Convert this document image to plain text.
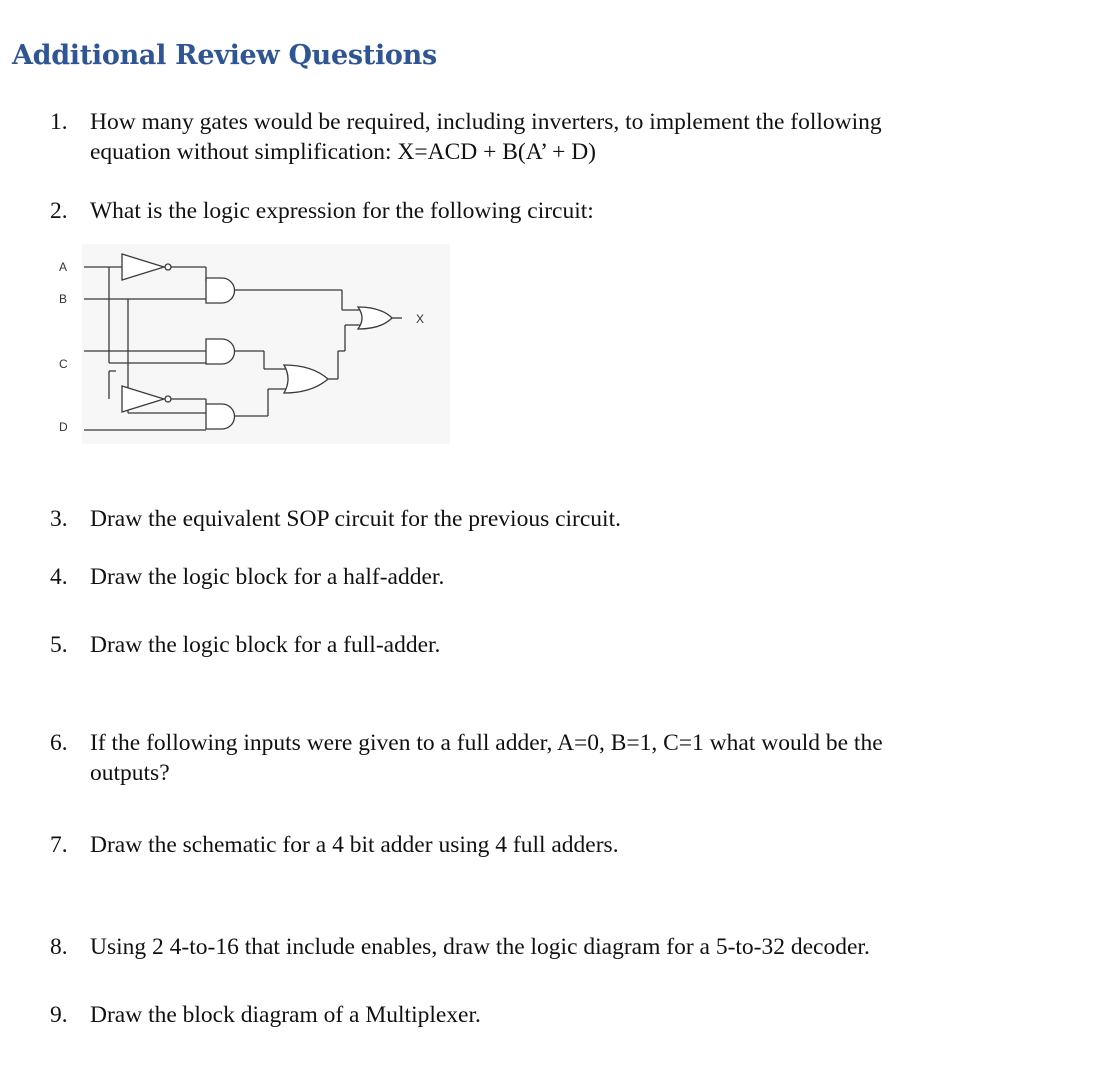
Additional Review Questions
1. How many gates would be required, including inverters, to implement the following
equation without simplification: X=ACD + B(A’ + D)
2. What is the logic expression for the following circuit:
A
B
C
D
X
3. Draw the equivalent SOP circuit for the previous circuit.
4. Draw the logic block for a half-adder.
5. Draw the logic block for a full-adder.
6. If the following inputs were given to a full adder, A=0, B=1, C=1 what would be the
outputs?
7. Draw the schematic for a 4 bit adder using 4 full adders.
8. Using 2 4-to-16 that include enables, draw the logic diagram for a 5-to-32 decoder.
9. Draw the block diagram of a Multiplexer.
